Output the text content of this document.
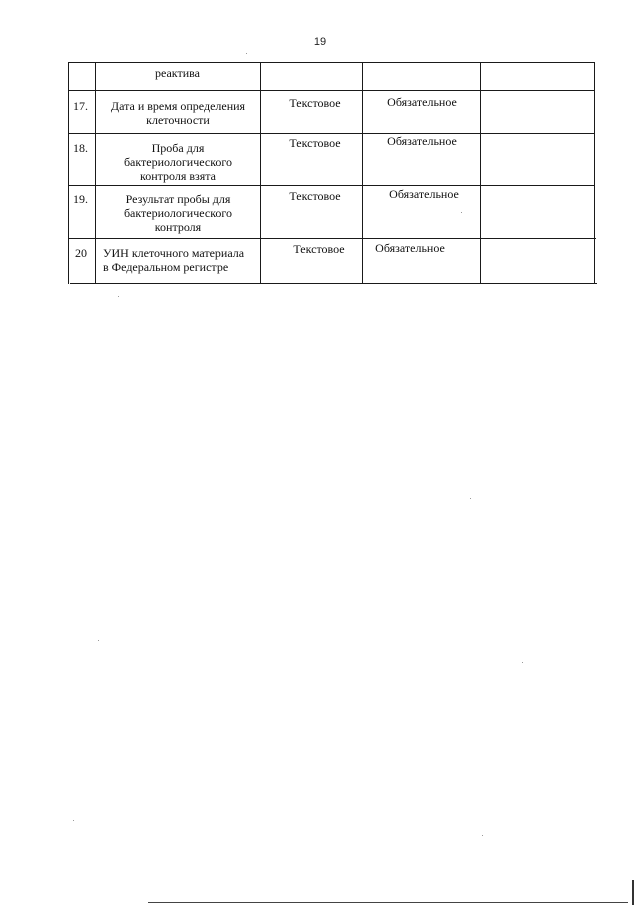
19
реактива
17.	Дата и время определения
клеточности
Текстовое	Обязательное
18.	Проба для
бактериологического
контроля взята
Текстовое	Обязательное
19.	Результат пробы для
бактериологического
контроля
Текстовое	Обязательное
20	УИН клеточного материала
в Федеральном регистре
Текстовое	Обязательное
